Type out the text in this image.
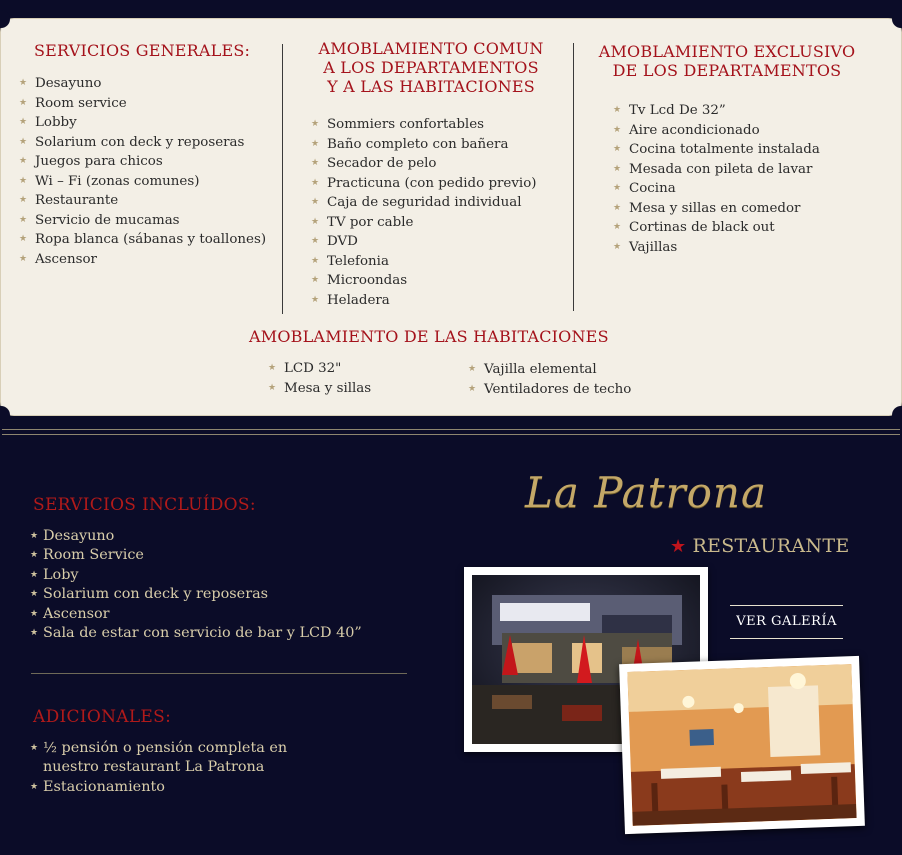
SERVICIOS GENERALES:
★ Desayuno
★ Room service
★ Lobby
★ Solarium con deck y reposeras
★ Juegos para chicos
★ Wi – Fi (zonas comunes)
★ Restaurante
★ Servicio de mucamas
★ Ropa blanca (sábanas y toallones)
★ Ascensor
AMOBLAMIENTO COMUN
A LOS DEPARTAMENTOS
Y A LAS HABITACIONES
★ Sommiers confortables
★ Baño completo con bañera
★ Secador de pelo
★ Practicuna (con pedido previo)
★ Caja de seguridad individual
★ TV por cable
★ DVD
★ Telefonia
★ Microondas
★ Heladera
AMOBLAMIENTO EXCLUSIVO
DE LOS DEPARTAMENTOS
★ Tv Lcd De 32”
★ Aire acondicionado
★ Cocina totalmente instalada
★ Mesada con pileta de lavar
★ Cocina
★ Mesa y sillas en comedor
★ Cortinas de black out
★ Vajillas
AMOBLAMIENTO DE LAS HABITACIONES
★ LCD 32"
★ Mesa y sillas
★ Vajilla elemental
★ Ventiladores de techo
SERVICIOS INCLUÍDOS:
★ Desayuno
★ Room Service
★ Loby
★ Solarium con deck y reposeras
★ Ascensor
★ Sala de estar con servicio de bar y LCD 40”
ADICIONALES:
★ ½ pensión o pensión completa en
nuestro restaurant La Patrona
★ Estacionamiento
La Patrona
★ RESTAURANTE
VER GALERÍA
